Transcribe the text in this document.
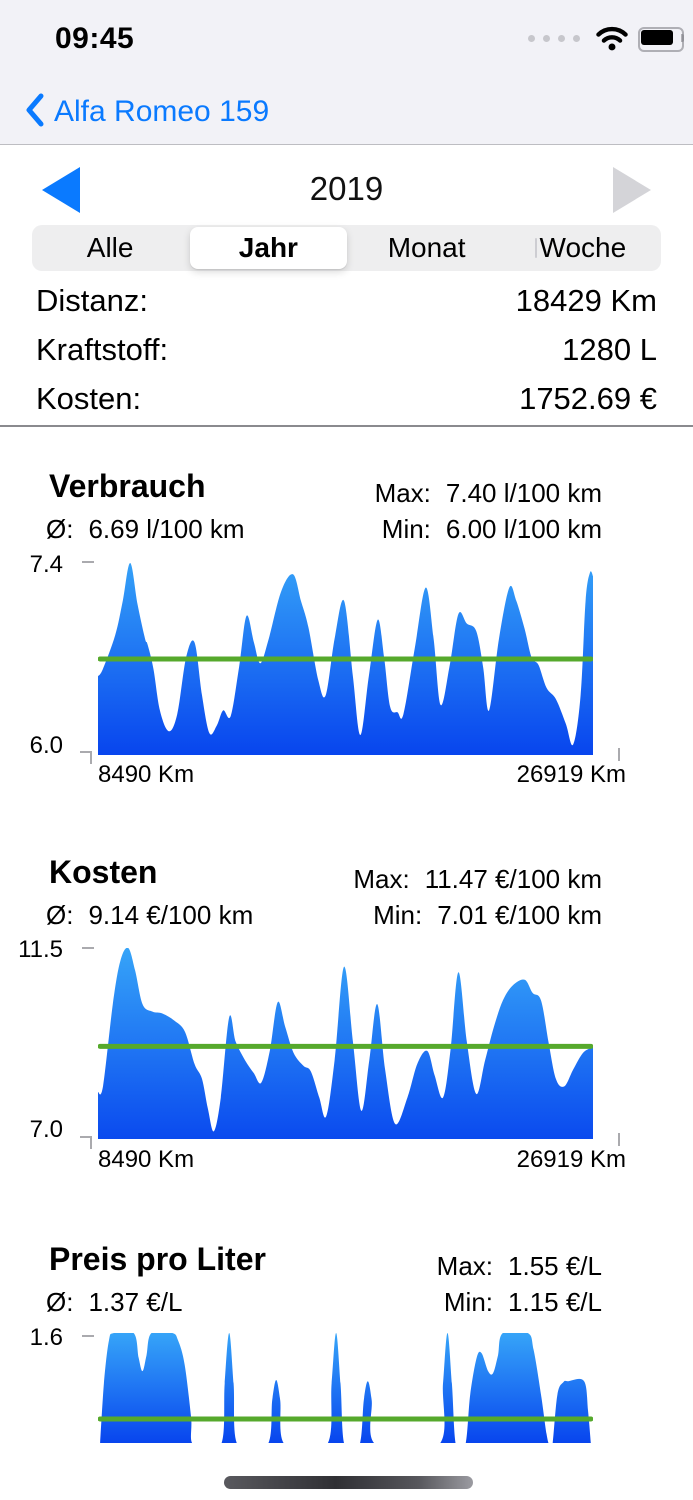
09:45
Alfa Romeo 159
2019
Alle	Jahr	Monat	Woche
Distanz:	18429 Km
Kraftstoff:	1280 L
Kosten:	1752.69 €
Verbrauch	Max: 7.40 l/100 km
Ø: 6.69 l/100 km	Min: 6.00 l/100 km
7.4
6.0
8490 Km	26919 Km
Kosten	Max: 11.47 €/100 km
Ø: 9.14 €/100 km	Min: 7.01 €/100 km
11.5
7.0
8490 Km	26919 Km
Preis pro Liter	Max: 1.55 €/L
Ø: 1.37 €/L	Min: 1.15 €/L
1.6
